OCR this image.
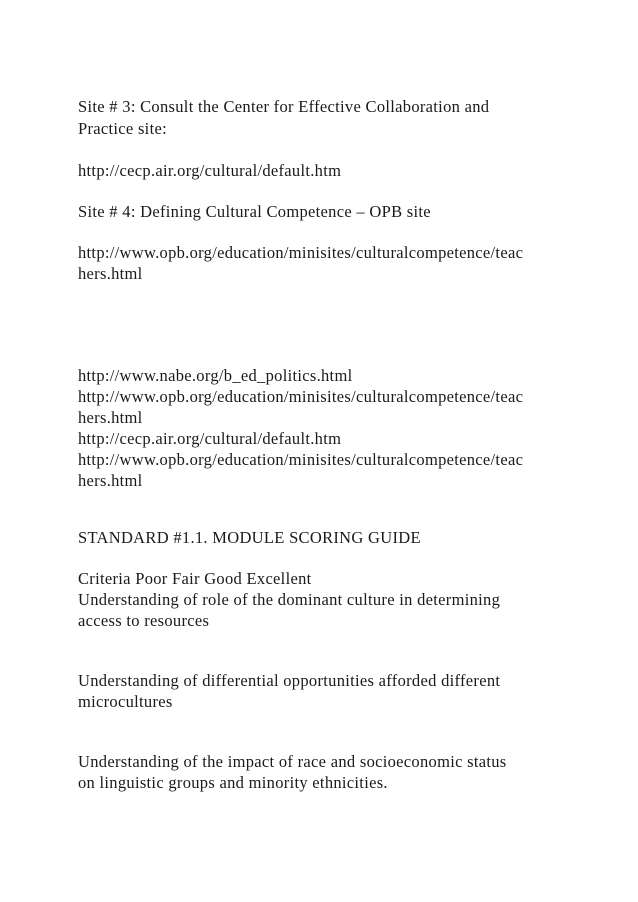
Site # 3: Consult the Center for Effective Collaboration and
Practice site:
http://cecp.air.org/cultural/default.htm
Site # 4: Defining Cultural Competence – OPB site
http://www.opb.org/education/minisites/culturalcompetence/teac
hers.html
http://www.nabe.org/b_ed_politics.html
http://www.opb.org/education/minisites/culturalcompetence/teac
hers.html
http://cecp.air.org/cultural/default.htm
http://www.opb.org/education/minisites/culturalcompetence/teac
hers.html
STANDARD #1.1. MODULE SCORING GUIDE
Criteria Poor Fair Good Excellent
Understanding of role of the dominant culture in determining
access to resources
Understanding of differential opportunities afforded different
microcultures
Understanding of the impact of race and socioeconomic status
on linguistic groups and minority ethnicities.
